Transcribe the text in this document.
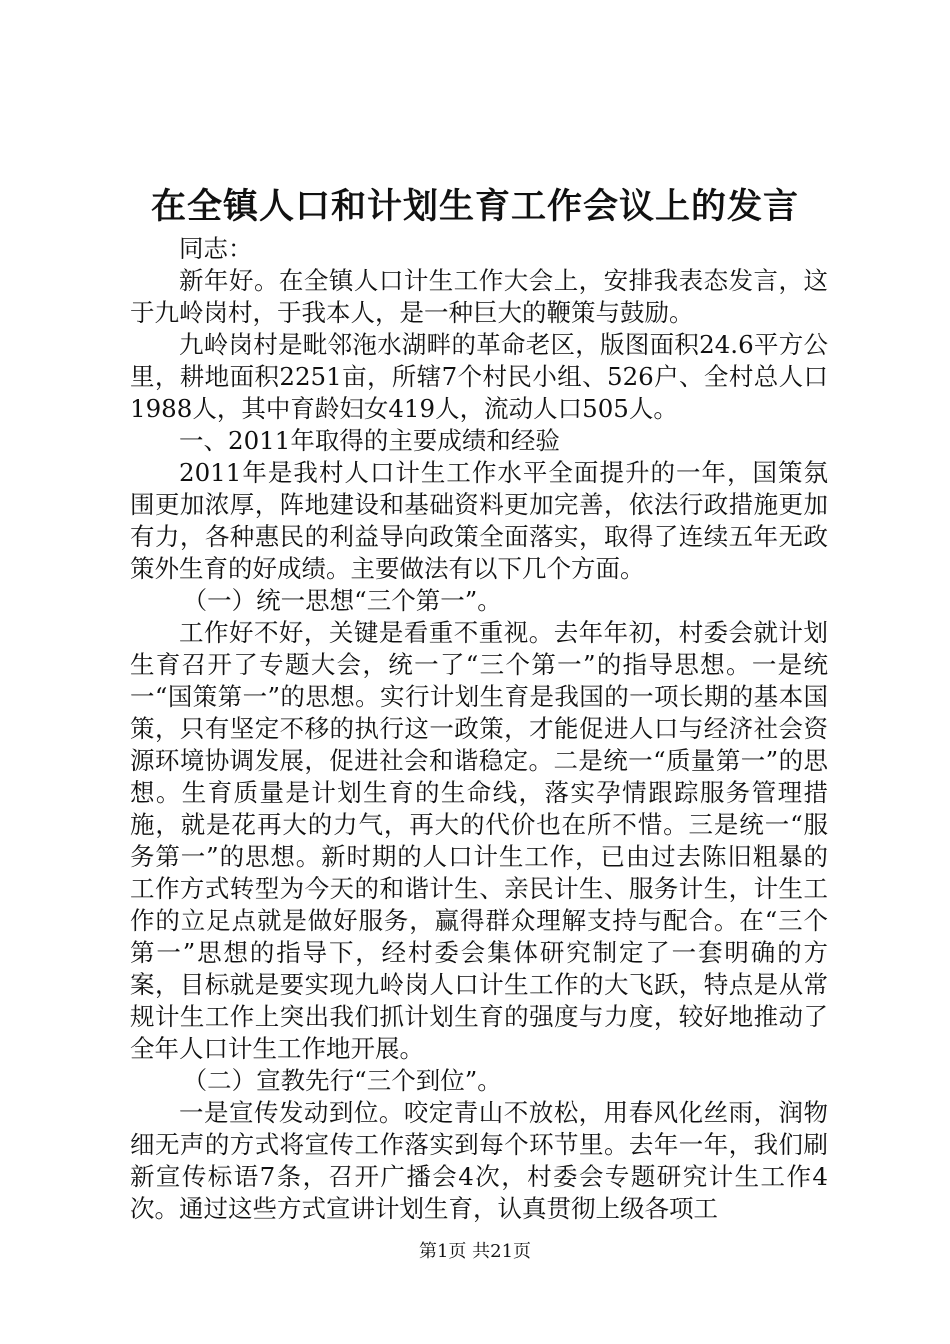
在全镇人口和计划生育工作会议上的发言

同志：

新年好。在全镇人口计生工作大会上，安排我表态发言，这于九岭岗村，于我本人，是一种巨大的鞭策与鼓励。

九岭岗村是毗邻沲水湖畔的革命老区，版图面积24.6平方公里，耕地面积2251亩，所辖7个村民小组、526户、全村总人口1988人，其中育龄妇女419人，流动人口505人。

一、2011年取得的主要成绩和经验

2011年是我村人口计生工作水平全面提升的一年，国策氛围更加浓厚，阵地建设和基础资料更加完善，依法行政措施更加有力，各种惠民的利益导向政策全面落实，取得了连续五年无政策外生育的好成绩。主要做法有以下几个方面。

（一）统一思想“三个第一”。

工作好不好，关键是看重不重视。去年年初，村委会就计划生育召开了专题大会，统一了“三个第一”的指导思想。一是统一“国策第一”的思想。实行计划生育是我国的一项长期的基本国策，只有坚定不移的执行这一政策，才能促进人口与经济社会资源环境协调发展，促进社会和谐稳定。二是统一“质量第一”的思想。生育质量是计划生育的生命线，落实孕情跟踪服务管理措施，就是花再大的力气，再大的代价也在所不惜。三是统一“服务第一”的思想。新时期的人口计生工作，已由过去陈旧粗暴的工作方式转型为今天的和谐计生、亲民计生、服务计生，计生工作的立足点就是做好服务，赢得群众理解支持与配合。在“三个第一”思想的指导下，经村委会集体研究制定了一套明确的方案，目标就是要实现九岭岗人口计生工作的大飞跃，特点是从常规计生工作上突出我们抓计划生育的强度与力度，较好地推动了全年人口计生工作地开展。

（二）宣教先行“三个到位”。

一是宣传发动到位。咬定青山不放松，用春风化丝雨，润物细无声的方式将宣传工作落实到每个环节里。去年一年，我们刷新宣传标语7条，召开广播会4次，村委会专题研究计生工作4次。通过这些方式宣讲计划生育，认真贯彻上级各项工

第1页 共21页
